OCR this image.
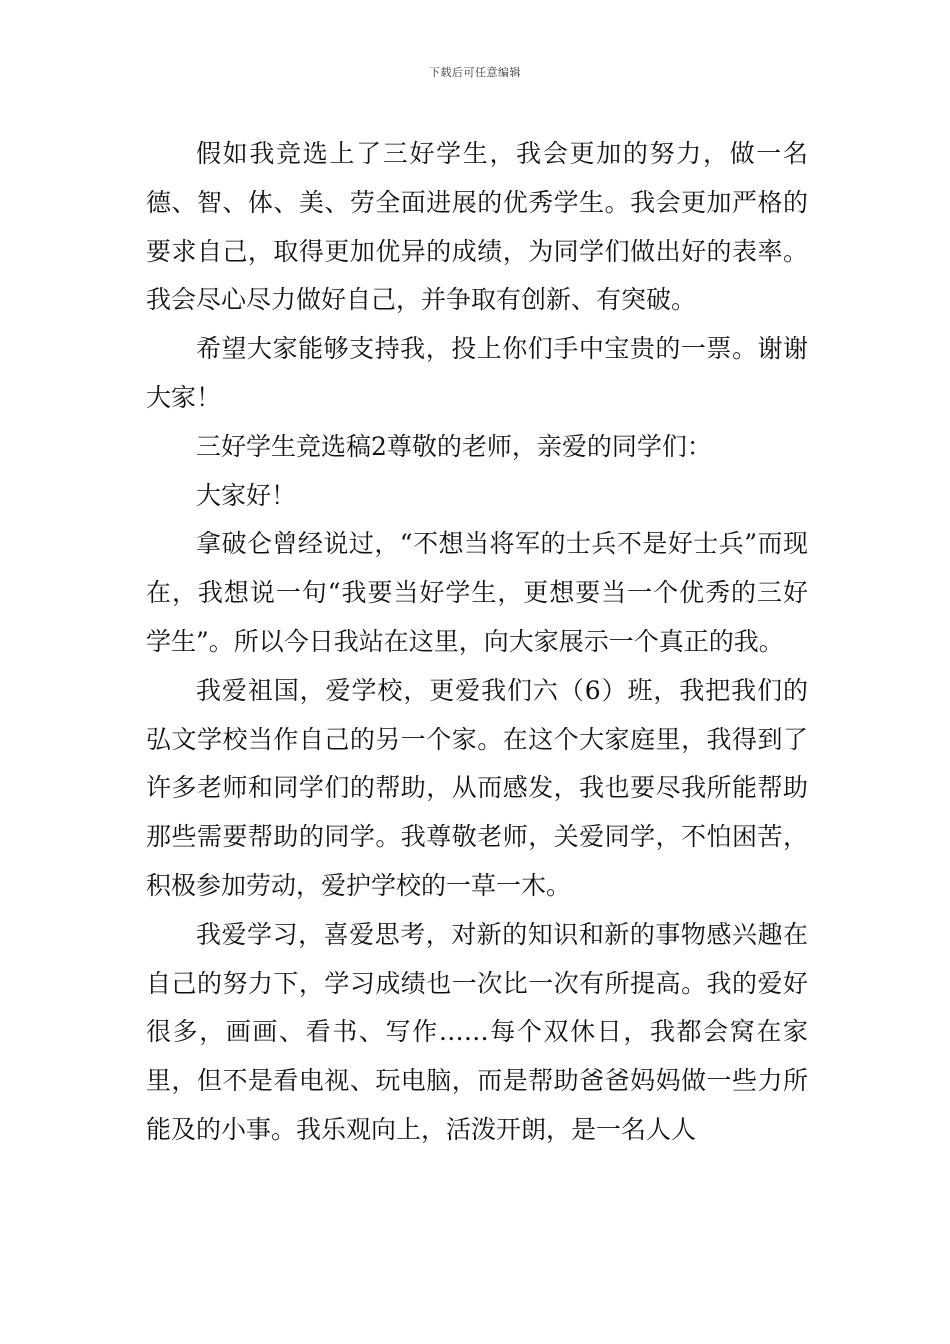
下载后可任意编辑

假如我竞选上了三好学生，我会更加的努力，做一名德、智、体、美、劳全面进展的优秀学生。我会更加严格的要求自己，取得更加优异的成绩，为同学们做出好的表率。我会尽心尽力做好自己，并争取有创新、有突破。

希望大家能够支持我，投上你们手中宝贵的一票。谢谢大家！

三好学生竞选稿2尊敬的老师，亲爱的同学们：

大家好！

拿破仑曾经说过，“不想当将军的士兵不是好士兵”而现在，我想说一句“我要当好学生，更想要当一个优秀的三好学生”。所以今日我站在这里，向大家展示一个真正的我。

我爱祖国，爱学校，更爱我们六（6）班，我把我们的弘文学校当作自己的另一个家。在这个大家庭里，我得到了许多老师和同学们的帮助，从而感发，我也要尽我所能帮助那些需要帮助的同学。我尊敬老师，关爱同学，不怕困苦，积极参加劳动，爱护学校的一草一木。

我爱学习，喜爱思考，对新的知识和新的事物感兴趣在自己的努力下，学习成绩也一次比一次有所提高。我的爱好很多，画画、看书、写作……每个双休日，我都会窝在家里，但不是看电视、玩电脑，而是帮助爸爸妈妈做一些力所能及的小事。我乐观向上，活泼开朗，是一名人人
